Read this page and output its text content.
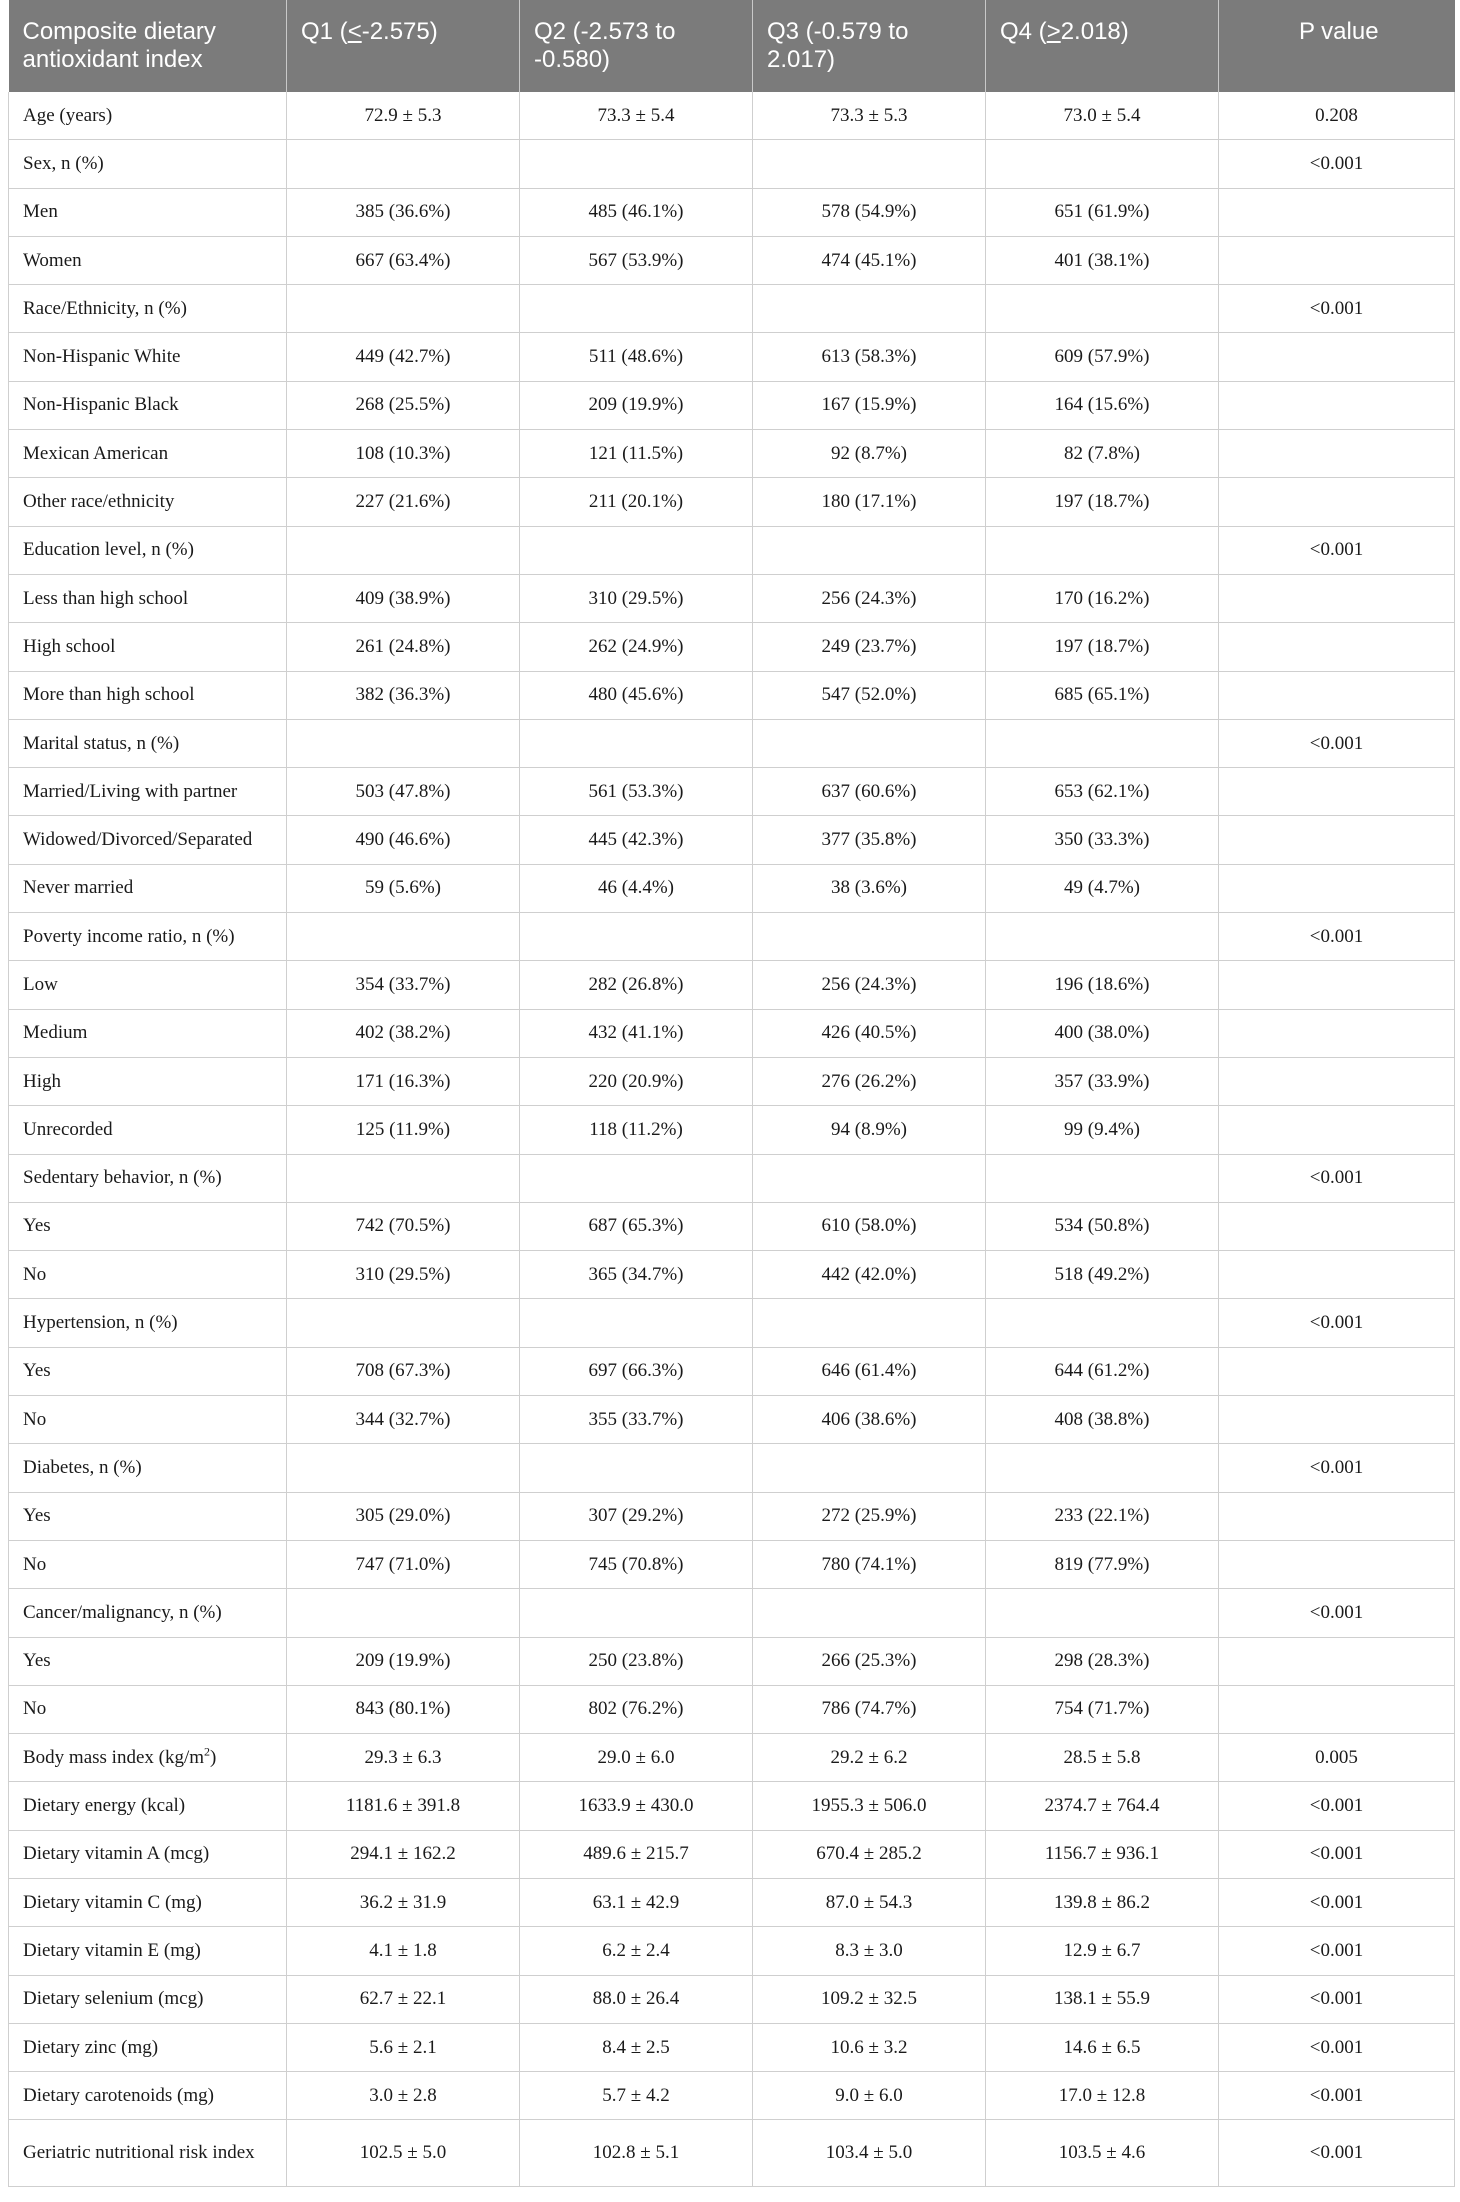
Composite dietary antioxidant index	Q1 (<-2.575)	Q2 (-2.573 to -0.580)	Q3 (-0.579 to 2.017)	Q4 (>2.018)	P value
Age (years)	72.9 ± 5.3	73.3 ± 5.4	73.3 ± 5.3	73.0 ± 5.4	0.208
Sex, n (%)					<0.001
Men	385 (36.6%)	485 (46.1%)	578 (54.9%)	651 (61.9%)	
Women	667 (63.4%)	567 (53.9%)	474 (45.1%)	401 (38.1%)	
Race/Ethnicity, n (%)					<0.001
Non-Hispanic White	449 (42.7%)	511 (48.6%)	613 (58.3%)	609 (57.9%)	
Non-Hispanic Black	268 (25.5%)	209 (19.9%)	167 (15.9%)	164 (15.6%)	
Mexican American	108 (10.3%)	121 (11.5%)	92 (8.7%)	82 (7.8%)	
Other race/ethnicity	227 (21.6%)	211 (20.1%)	180 (17.1%)	197 (18.7%)	
Education level, n (%)					<0.001
Less than high school	409 (38.9%)	310 (29.5%)	256 (24.3%)	170 (16.2%)	
High school	261 (24.8%)	262 (24.9%)	249 (23.7%)	197 (18.7%)	
More than high school	382 (36.3%)	480 (45.6%)	547 (52.0%)	685 (65.1%)	
Marital status, n (%)					<0.001
Married/Living with partner	503 (47.8%)	561 (53.3%)	637 (60.6%)	653 (62.1%)	
Widowed/Divorced/Separated	490 (46.6%)	445 (42.3%)	377 (35.8%)	350 (33.3%)	
Never married	59 (5.6%)	46 (4.4%)	38 (3.6%)	49 (4.7%)	
Poverty income ratio, n (%)					<0.001
Low	354 (33.7%)	282 (26.8%)	256 (24.3%)	196 (18.6%)	
Medium	402 (38.2%)	432 (41.1%)	426 (40.5%)	400 (38.0%)	
High	171 (16.3%)	220 (20.9%)	276 (26.2%)	357 (33.9%)	
Unrecorded	125 (11.9%)	118 (11.2%)	94 (8.9%)	99 (9.4%)	
Sedentary behavior, n (%)					<0.001
Yes	742 (70.5%)	687 (65.3%)	610 (58.0%)	534 (50.8%)	
No	310 (29.5%)	365 (34.7%)	442 (42.0%)	518 (49.2%)	
Hypertension, n (%)					<0.001
Yes	708 (67.3%)	697 (66.3%)	646 (61.4%)	644 (61.2%)	
No	344 (32.7%)	355 (33.7%)	406 (38.6%)	408 (38.8%)	
Diabetes, n (%)					<0.001
Yes	305 (29.0%)	307 (29.2%)	272 (25.9%)	233 (22.1%)	
No	747 (71.0%)	745 (70.8%)	780 (74.1%)	819 (77.9%)	
Cancer/malignancy, n (%)					<0.001
Yes	209 (19.9%)	250 (23.8%)	266 (25.3%)	298 (28.3%)	
No	843 (80.1%)	802 (76.2%)	786 (74.7%)	754 (71.7%)	
Body mass index $(kg/m^2)$	29.3 ± 6.3	29.0 ± 6.0	29.2 ± 6.2	28.5 ± 5.8	0.005
Dietary energy (kcal)	1181.6 ± 391.8	1633.9 ± 430.0	1955.3 ± 506.0	2374.7 ± 764.4	<0.001
Dietary vitamin A (mcg)	294.1 ± 162.2	489.6 ± 215.7	670.4 ± 285.2	1156.7 ± 936.1	<0.001
Dietary vitamin C (mg)	36.2 ± 31.9	63.1 ± 42.9	87.0 ± 54.3	139.8 ± 86.2	<0.001
Dietary vitamin E (mg)	4.1 ± 1.8	6.2 ± 2.4	8.3 ± 3.0	12.9 ± 6.7	<0.001
Dietary selenium (mcg)	62.7 ± 22.1	88.0 ± 26.4	109.2 ± 32.5	138.1 ± 55.9	<0.001
Dietary zinc (mg)	5.6 ± 2.1	8.4 ± 2.5	10.6 ± 3.2	14.6 ± 6.5	<0.001
Dietary carotenoids (mg)	3.0 ± 2.8	5.7 ± 4.2	9.0 ± 6.0	17.0 ± 12.8	<0.001
Geriatric nutritional risk index	102.5 ± 5.0	102.8 ± 5.1	103.4 ± 5.0	103.5 ± 4.6	<0.001
